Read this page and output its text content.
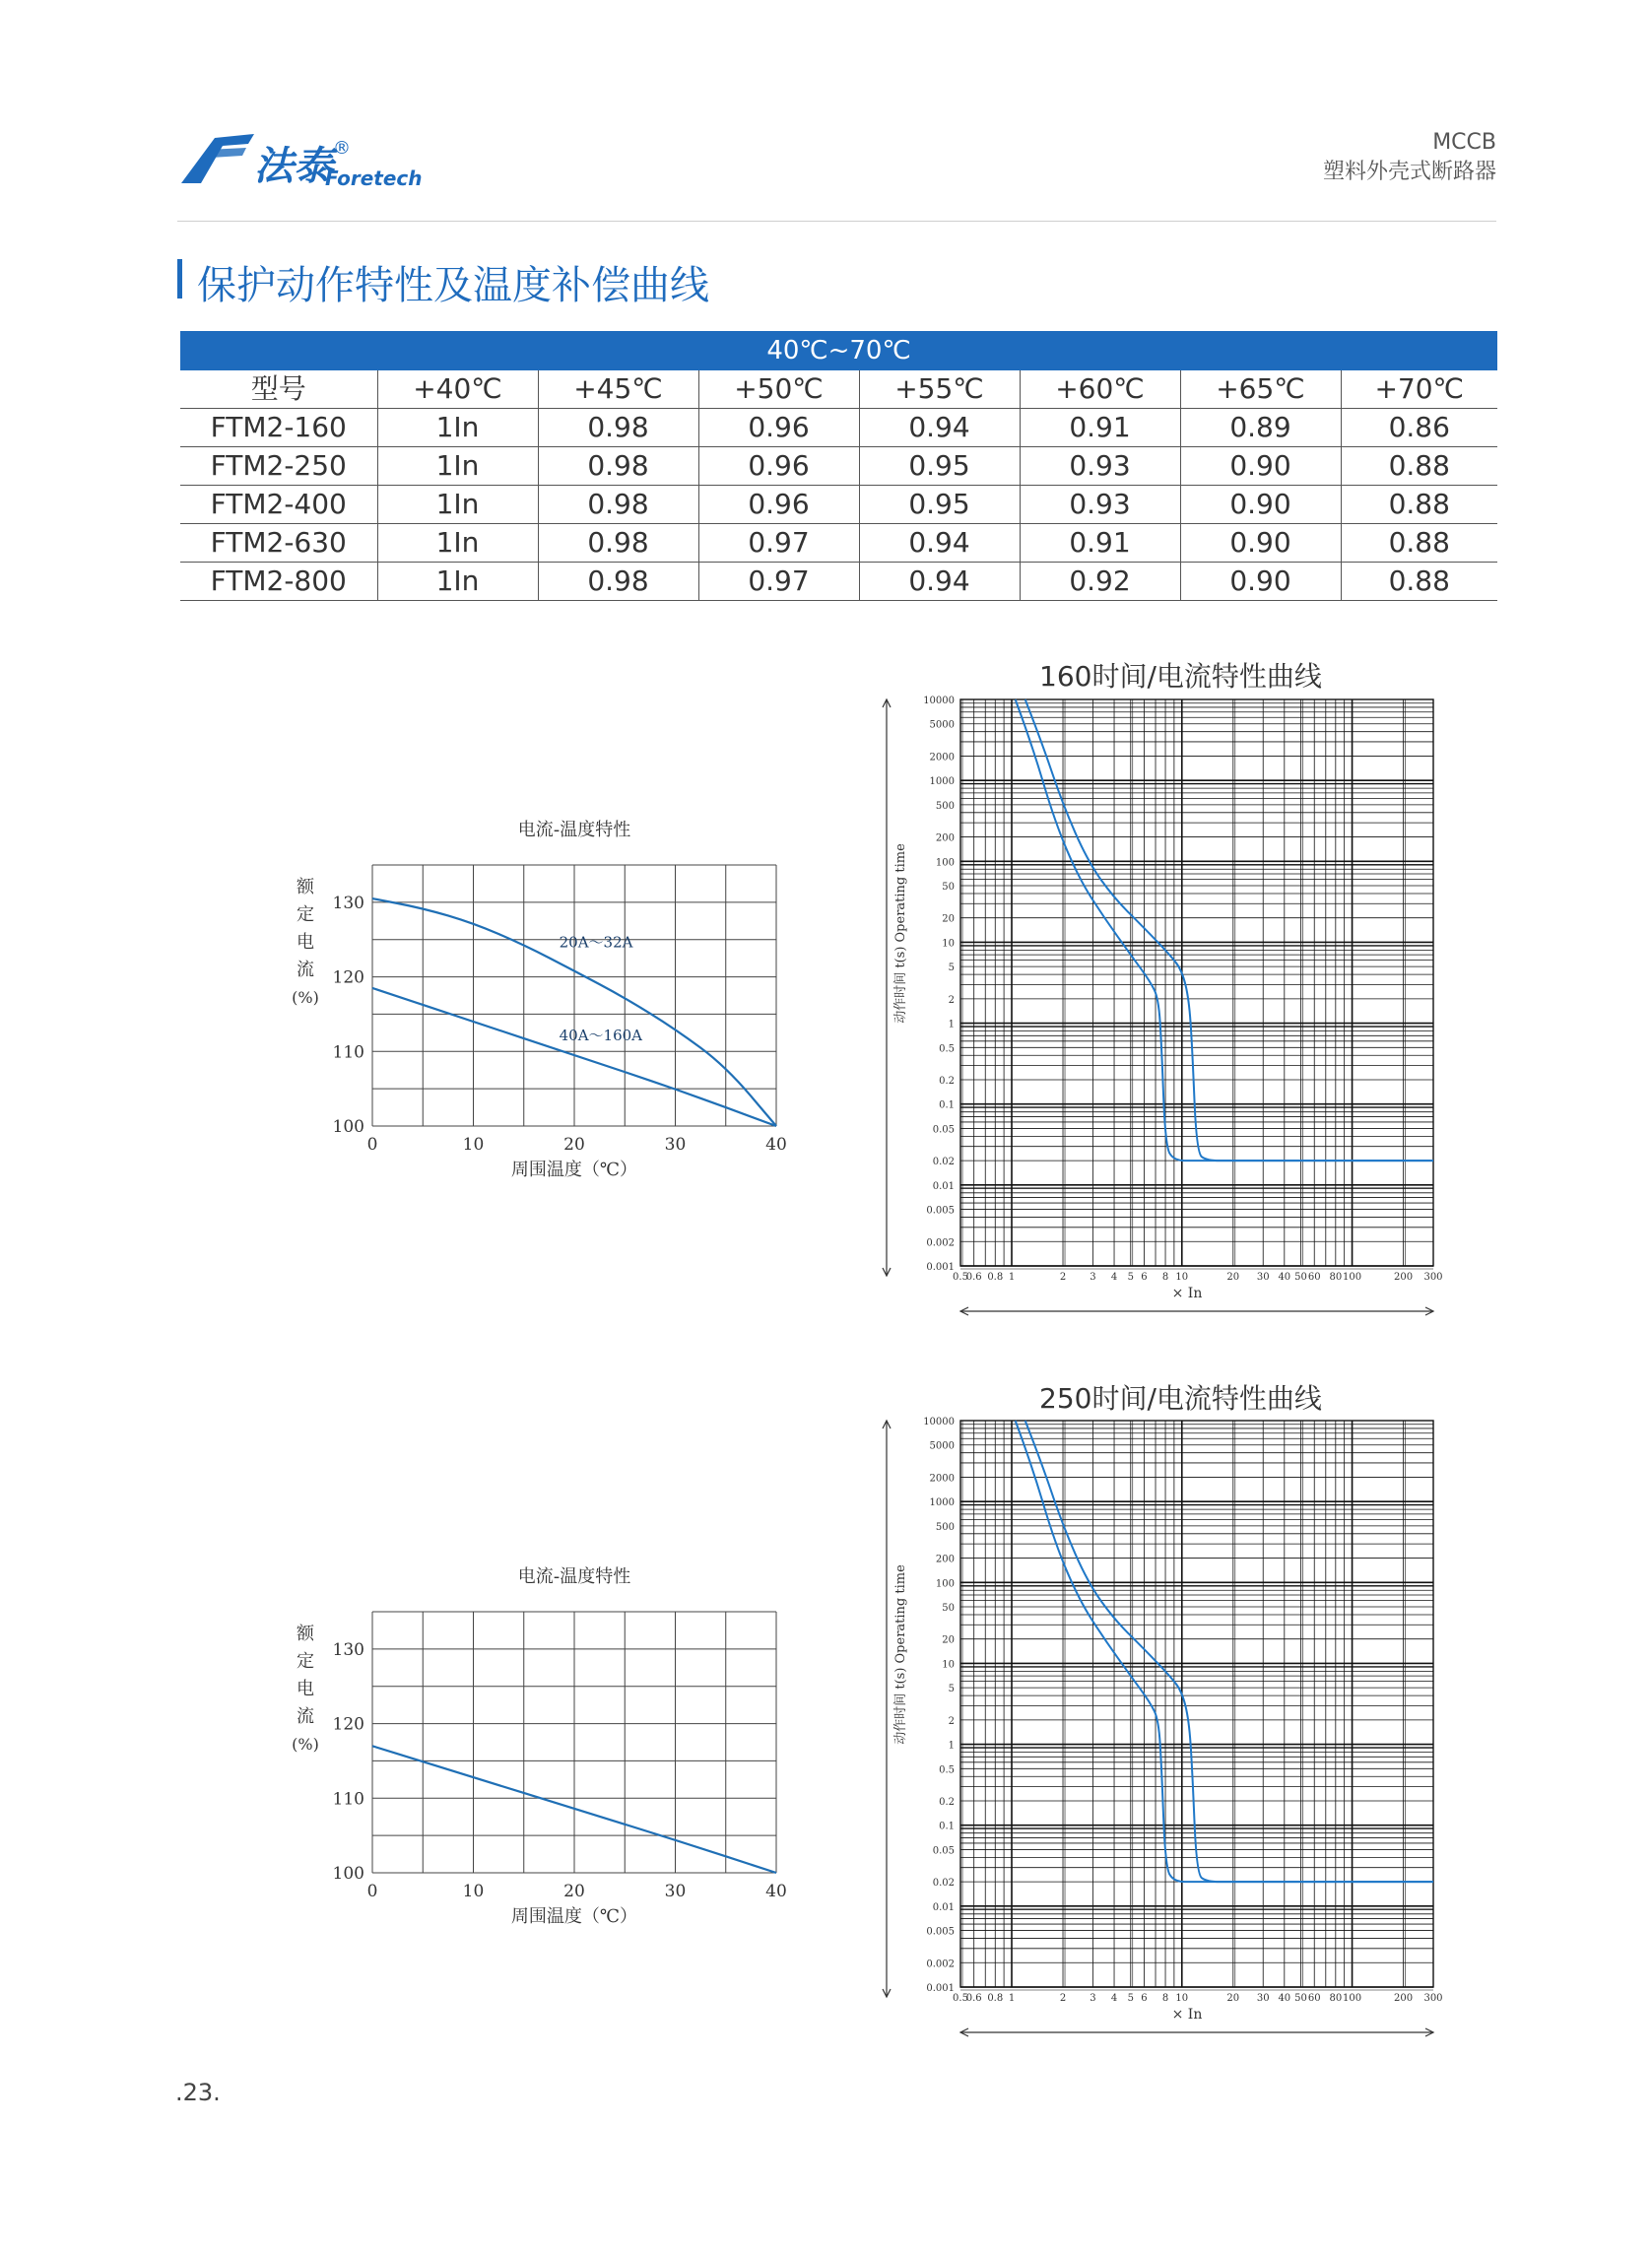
法泰
Foretech
®	MCCB
塑料外壳式断路器
保护动作特性及温度补偿曲线
40℃~70℃							
型号	+40℃	+45℃	+50℃	+55℃	+60℃	+65℃	+70℃
FTM2-160	1In	0.98	0.96	0.94	0.91	0.89	0.86
FTM2-250	1In	0.98	0.96	0.95	0.93	0.90	0.88
FTM2-400	1In	0.98	0.96	0.95	0.93	0.90	0.88
FTM2-630	1In	0.98	0.97	0.94	0.91	0.90	0.88
FTM2-800	1In	0.98	0.97	0.94	0.92	0.90	0.88
160时间/电流特性曲线
250时间/电流特性曲线
电流-温度特性
0	10	20	30	40
100
110
120
130
周围温度（℃）
额
定
电
流
(%)
20A～32A
40A～160A
10000
5000
2000
1000
500
200
100
50
20
10
5
2
1
0.5
0.2
0.1
0.05
0.02
0.01
0.005
0.002
0.001
0.5
0.6 0.8 1	2 3 4 5 6 8 10	20 30 40 50 60 80 100	200 300
× In
动作时间 t(s) Operating time
电流-温度特性
0	10	20	30	40
100
110
120
130
周围温度（℃）
额
定
电
流
(%)
10000
5000
2000
1000
500
200
100
50
20
10
5
2
1
0.5
0.2
0.1
0.05
0.02
0.01
0.005
0.002
0.001
0.5
0.6 0.8 1	2 3 4 5 6 8 10	20 30 40 50 60 80 100	200 300
× In
动作时间 t(s) Operating time
.23.
